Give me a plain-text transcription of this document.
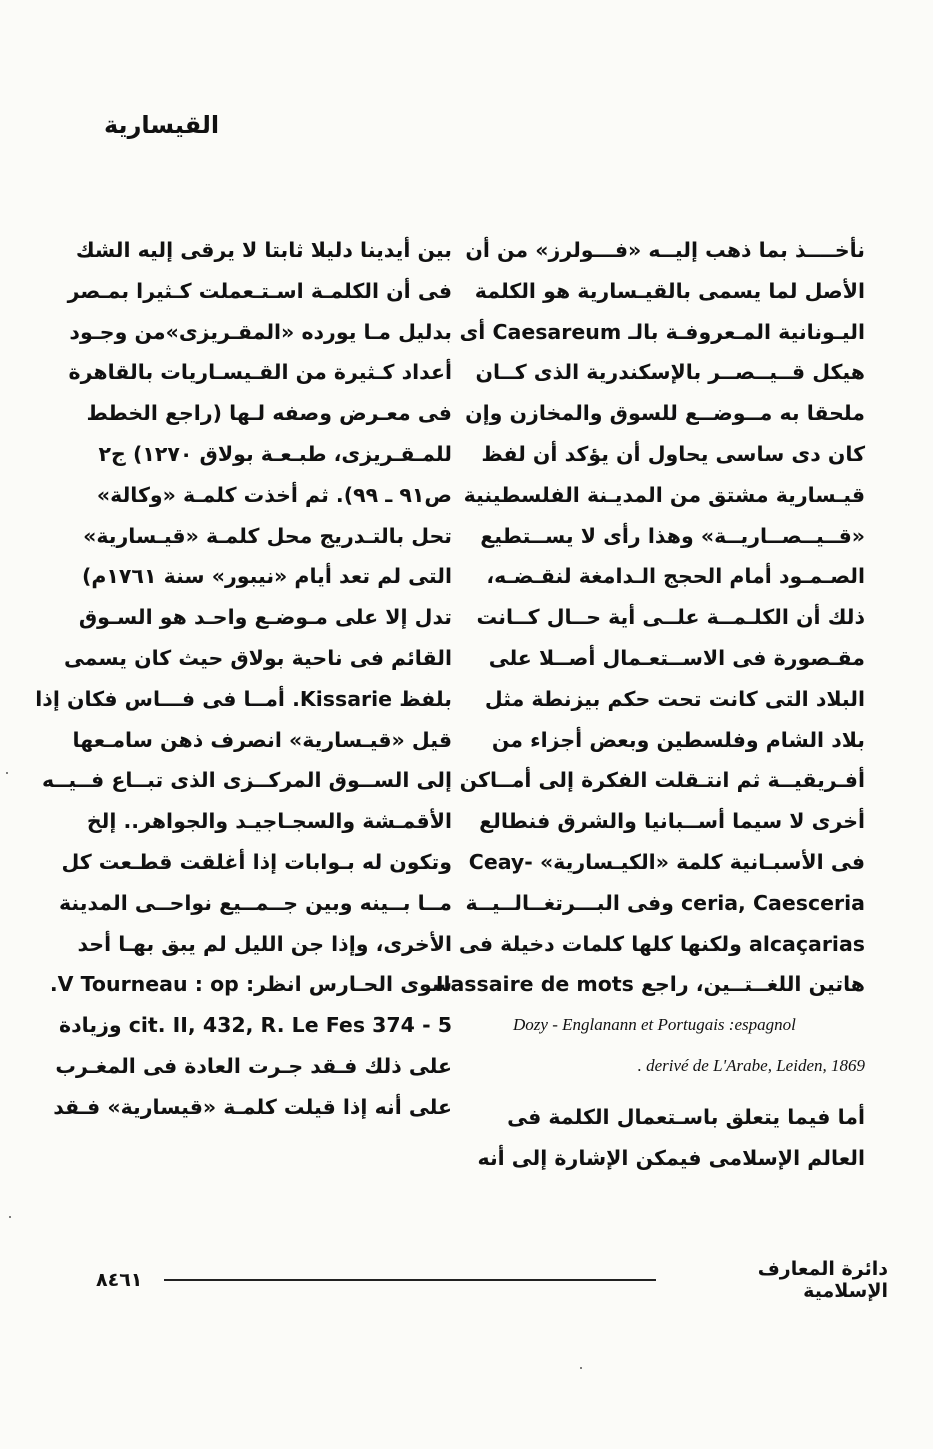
القيسارية
نأخــــذ بما ذهب إليــه «فـــولرز» من أن
الأصل لما يسمى بالقيـسارية هو الكلمة
اليـونانية المـعروفـة بالـ Caesareum أى
هيكل قــيــصــر بالإسكندرية الذى كــان
ملحقا به مــوضــع للسوق والمخازن وإن
كان دى ساسى يحاول أن يؤكد أن لفظ
قيـسارية مشتق من المديـنة الفلسطينية
«قــيــصــاريــة» وهذا رأى لا يســتطيع
الصـمـود أمام الحجج الـدامغة لنقـضـه،
ذلك أن الكلـمــة علــى أية حــال كــانت
مقـصورة فى الاســتعـمال أصــلا على
البلاد التى كانت تحت حكم بيزنطة مثل
بلاد الشام وفلسطين وبعض أجزاء من
أفـريقيــة ثم انتـقلت الفكرة إلى أمــاكن
أخرى لا سيما أســبانيا والشرق فنطالع
فى الأسبـانية كلمة «الكيـسارية» -Ceay
ceria, Caesceria وفى البـــرتغــالــيــة
alcaçarias ولكنها كلها كلمات دخيلة فى
هاتين اللغــتــين، راجع Ilassaire de mots
Dozy - Englanann et Portugais :espagnol
. derivé de L'Arabe, Leiden, 1869
أما فيما يتعلق باسـتعمال الكلمة فى
العالم الإسلامى فيمكن الإشارة إلى أنه
بين أيدينا دليلا ثابتا لا يرقى إليه الشك
فى أن الكلمـة اسـتـعملت كـثيرا بمـصر
بدليل مـا يورده «المقـريزى»من وجـود
أعداد كـثيرة من القـيسـاريات بالقاهرة
فى معـرض وصفه لـها (راجع الخطط
للمـقـريزى، طبـعـة بولاق ١٢٧٠) ج٢
ص٩١ ـ ٩٩). ثم أخذت كلمـة «وكالة»
تحل بالتـدريج محل كلمـة «قيـسارية»
التى لم تعد أيام «نيبور» سنة ١٧٦١م)
تدل إلا على مـوضـع واحـد هو السـوق
القائم فى ناحية بولاق حيث كان يسمى
بلفظ Kissarie. أمــا فى فـــاس فكان إذا
قيل «قيـسارية» انصرف ذهن سامـعها
إلى الســوق المركــزى الذى تبــاع فــيــه
الأقمـشة والسجـاجيـد والجواهر.. إلخ
وتكون له بـوابات إذا أغلقت قطـعت كل
مــا بــينه وبين جــمــيع نواحــى المدينة
الأخرى، وإذا جن الليل لم يبق بهـا أحد
سوى الحـارس انظر: V Tourneau : op.
cit. II, 432, R. Le Fes 374 - 5 وزيادة
على ذلك فـقد جـرت العادة فى المغـرب
على أنه إذا قيلت كلمـة «قيسارية» فـقد
٨٤٦١	دائرة المعارف الإسلامية
